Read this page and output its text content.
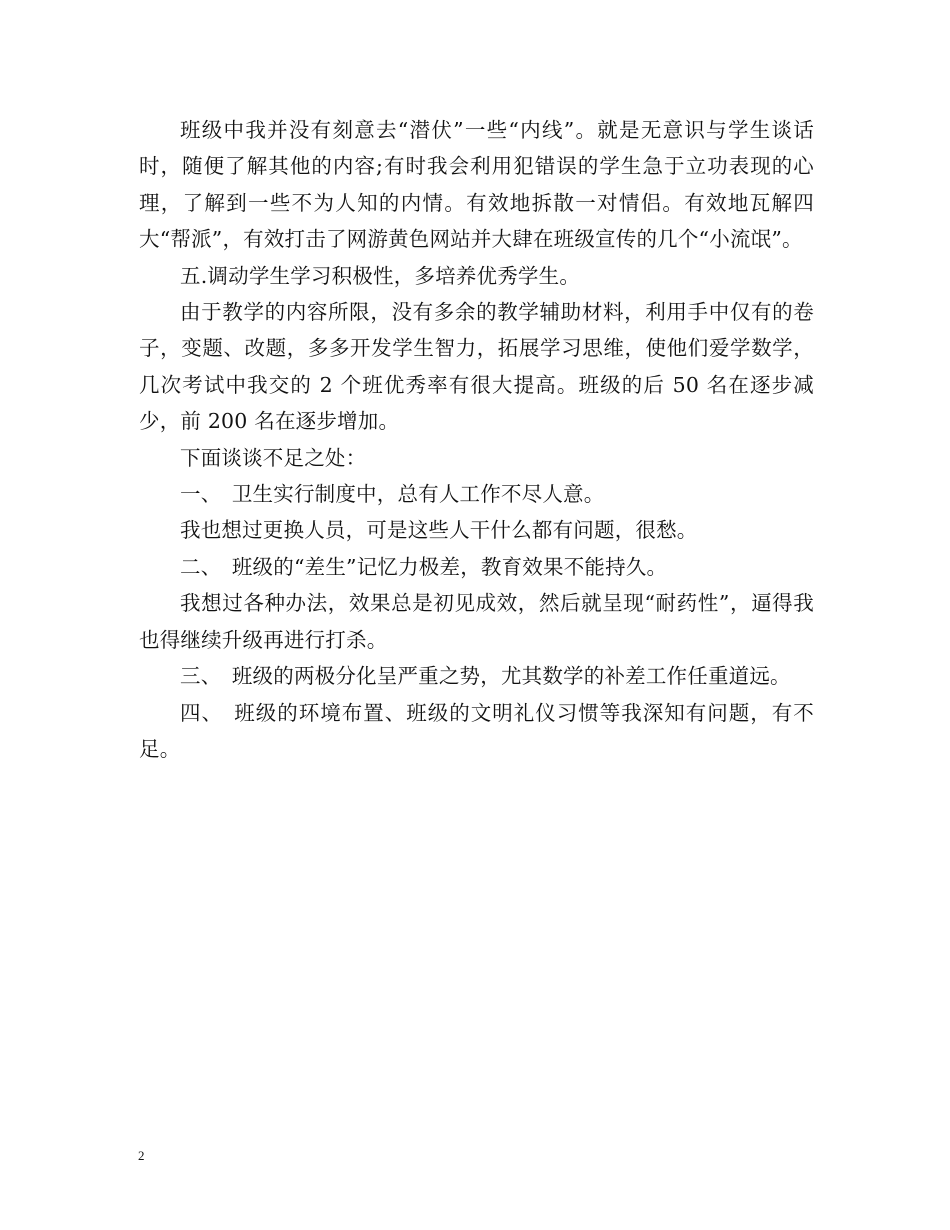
班级中我并没有刻意去“潜伏”一些“内线”。就是无意识与学生谈话时，随便了解其他的内容;有时我会利用犯错误的学生急于立功表现的心理，了解到一些不为人知的内情。有效地拆散一对情侣。有效地瓦解四大“帮派”，有效打击了网游黄色网站并大肆在班级宣传的几个“小流氓”。

五.调动学生学习积极性，多培养优秀学生。

由于教学的内容所限，没有多余的教学辅助材料，利用手中仅有的卷子，变题、改题，多多开发学生智力，拓展学习思维，使他们爱学数学，几次考试中我交的 2 个班优秀率有很大提高。班级的后 50 名在逐步减少，前 200 名在逐步增加。

下面谈谈不足之处：

一、　卫生实行制度中，总有人工作不尽人意。

我也想过更换人员，可是这些人干什么都有问题，很愁。

二、　班级的“差生”记忆力极差，教育效果不能持久。

我想过各种办法，效果总是初见成效，然后就呈现“耐药性”，逼得我也得继续升级再进行打杀。

三、　班级的两极分化呈严重之势，尤其数学的补差工作任重道远。

四、　班级的环境布置、班级的文明礼仪习惯等我深知有问题，有不足。

2
